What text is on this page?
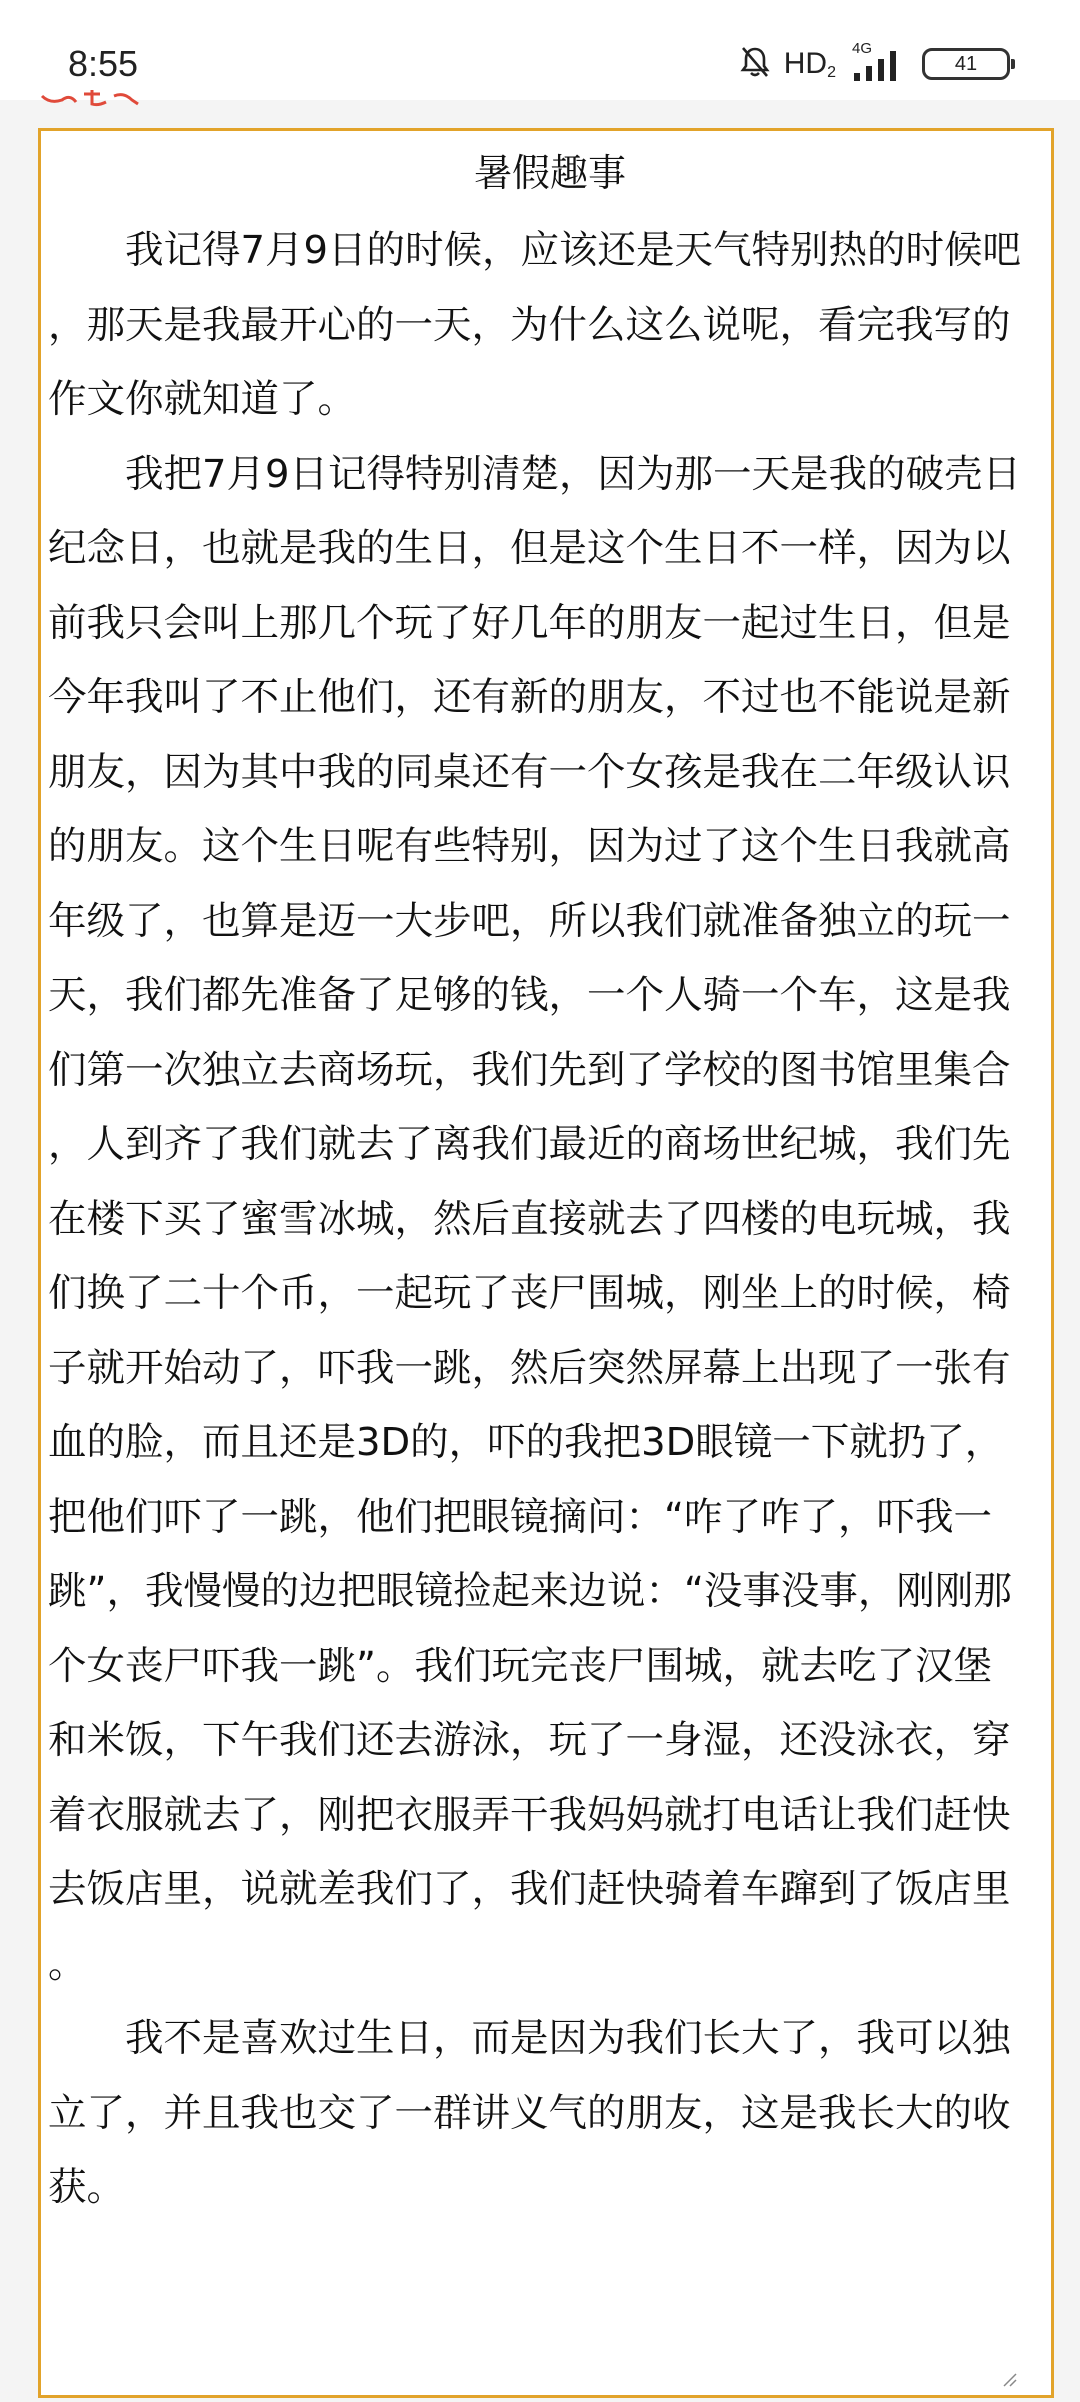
8:55	$HD_2$
4G
41
暑假趣事

我记得7月9日的时候，应该还是天气特别热的时候吧，那天是我最开心的一天，为什么这么说呢，看完我写的作文你就知道了。

我把7月9日记得特别清楚，因为那一天是我的破壳日纪念日，也就是我的生日，但是这个生日不一样，因为以前我只会叫上那几个玩了好几年的朋友一起过生日，但是今年我叫了不止他们，还有新的朋友，不过也不能说是新朋友，因为其中我的同桌还有一个女孩是我在二年级认识的朋友。这个生日呢有些特别，因为过了这个生日我就高年级了，也算是迈一大步吧，所以我们就准备独立的玩一天，我们都先准备了足够的钱，一个人骑一个车，这是我们第一次独立去商场玩，我们先到了学校的图书馆里集合，人到齐了我们就去了离我们最近的商场世纪城，我们先在楼下买了蜜雪冰城，然后直接就去了四楼的电玩城，我们换了二十个币，一起玩了丧尸围城，刚坐上的时候，椅子就开始动了，吓我一跳，然后突然屏幕上出现了一张有血的脸，而且还是3D的，吓的我把3D眼镜一下就扔了，把他们吓了一跳，他们把眼镜摘问：“咋了咋了，吓我一跳”，我慢慢的边把眼镜捡起来边说：“没事没事，刚刚那个女丧尸吓我一跳”。我们玩完丧尸围城，就去吃了汉堡和米饭，下午我们还去游泳，玩了一身湿，还没泳衣，穿着衣服就去了，刚把衣服弄干我妈妈就打电话让我们赶快去饭店里，说就差我们了，我们赶快骑着车蹿到了饭店里。

我不是喜欢过生日，而是因为我们长大了，我可以独立了，并且我也交了一群讲义气的朋友，这是我长大的收获。
